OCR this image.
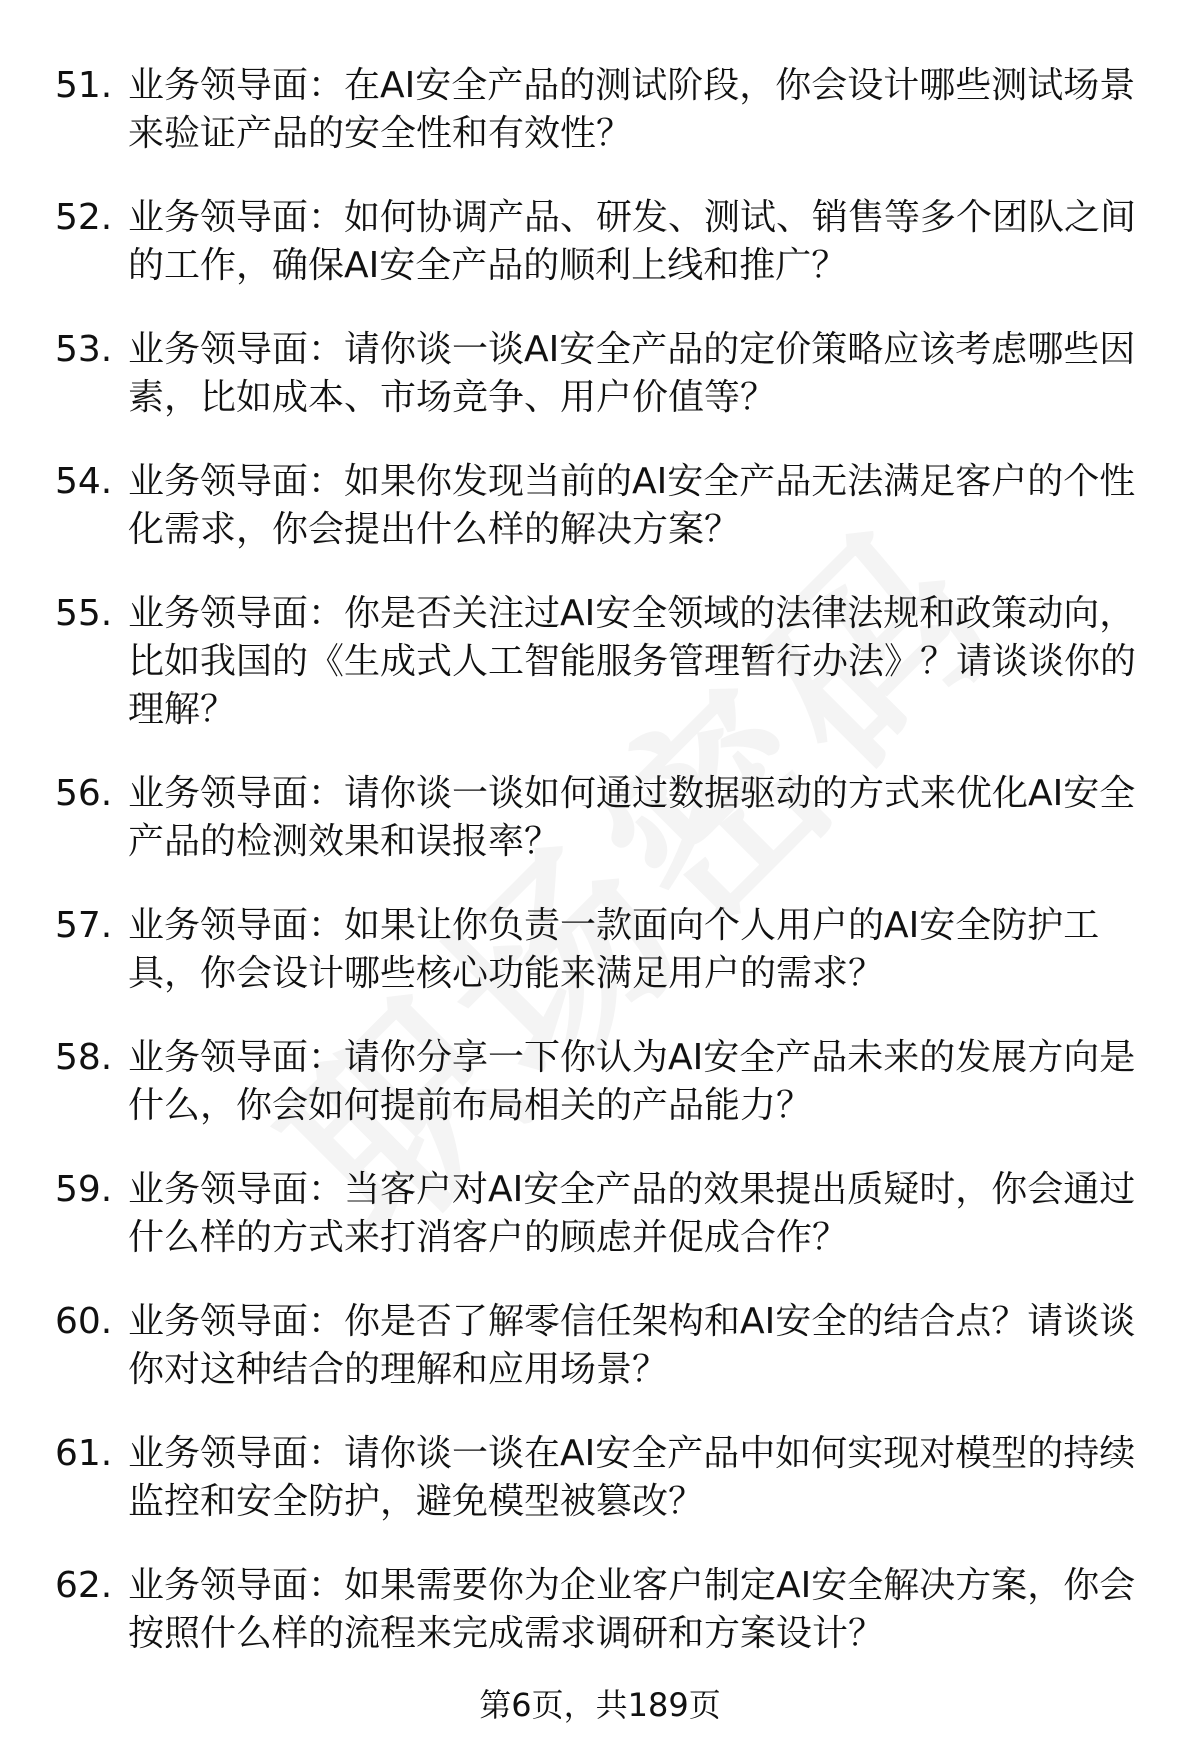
51. 业务领导面：在AI安全产品的测试阶段，你会设计哪些测试场景来验证产品的安全性和有效性？
52. 业务领导面：如何协调产品、研发、测试、销售等多个团队之间的工作，确保AI安全产品的顺利上线和推广？
53. 业务领导面：请你谈一谈AI安全产品的定价策略应该考虑哪些因素，比如成本、市场竞争、用户价值等？
54. 业务领导面：如果你发现当前的AI安全产品无法满足客户的个性化需求，你会提出什么样的解决方案？
55. 业务领导面：你是否关注过AI安全领域的法律法规和政策动向，比如我国的《生成式人工智能服务管理暂行办法》？请谈谈你的理解？
56. 业务领导面：请你谈一谈如何通过数据驱动的方式来优化AI安全产品的检测效果和误报率？
57. 业务领导面：如果让你负责一款面向个人用户的AI安全防护工具，你会设计哪些核心功能来满足用户的需求？
58. 业务领导面：请你分享一下你认为AI安全产品未来的发展方向是什么，你会如何提前布局相关的产品能力？
59. 业务领导面：当客户对AI安全产品的效果提出质疑时，你会通过什么样的方式来打消客户的顾虑并促成合作？
60. 业务领导面：你是否了解零信任架构和AI安全的结合点？请谈谈你对这种结合的理解和应用场景？
61. 业务领导面：请你谈一谈在AI安全产品中如何实现对模型的持续监控和安全防护，避免模型被篡改？
62. 业务领导面：如果需要你为企业客户制定AI安全解决方案，你会按照什么样的流程来完成需求调研和方案设计？
第6页，共189页
